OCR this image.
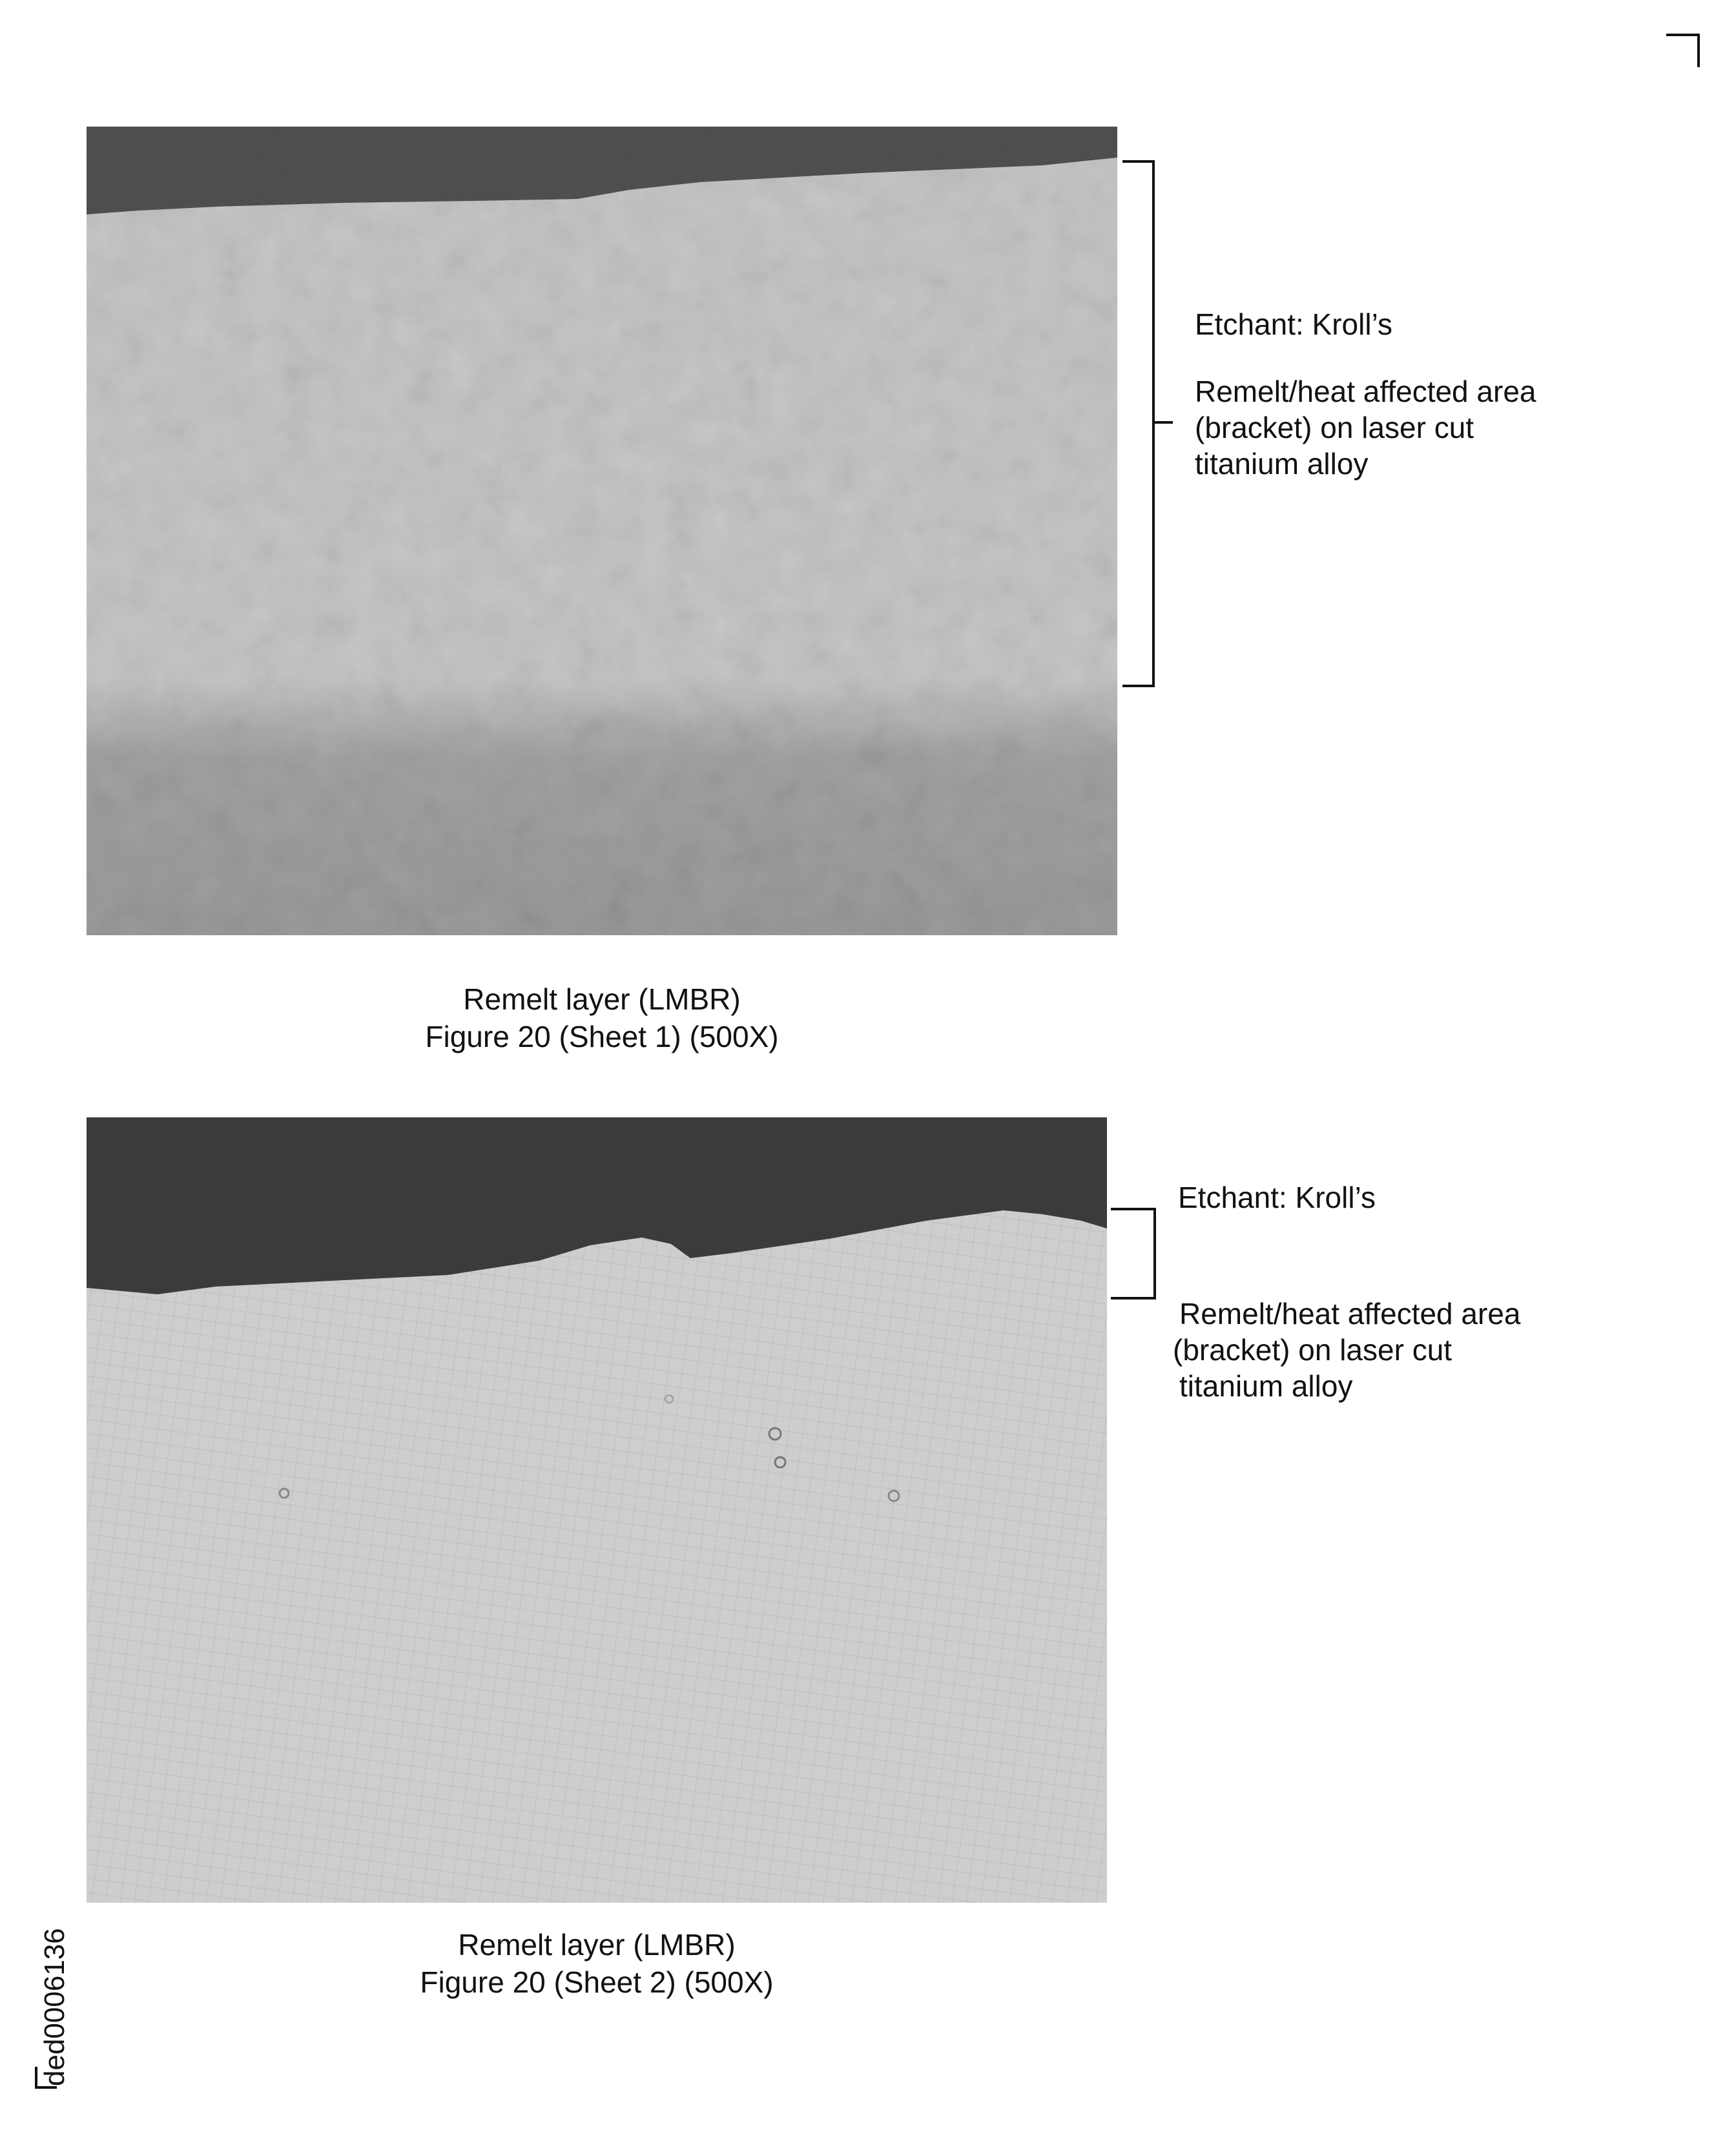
Etchant: Kroll’s
Remelt/heat affected area
(bracket) on laser cut
titanium alloy
Remelt layer (LMBR)
Figure 20 (Sheet 1) (500X)
Etchant: Kroll’s
Remelt/heat affected area
(bracket) on laser cut
titanium alloy
Remelt layer (LMBR)
Figure 20 (Sheet 2) (500X)
ded0006136
